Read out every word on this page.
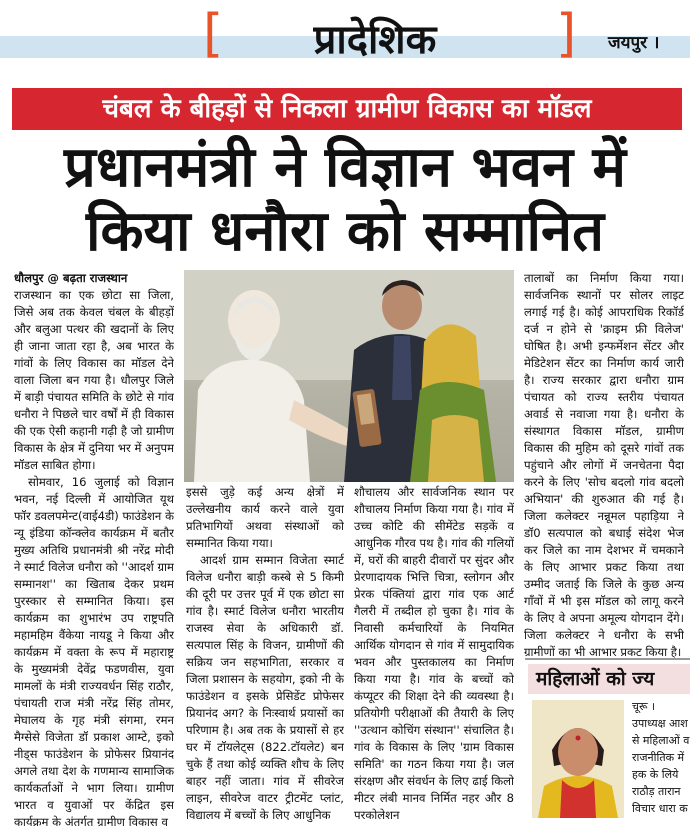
[	प्रादेशिक	] जयपुर ।
चंबल के बीहड़ों से निकला ग्रामीण विकास का मॉडल
प्रधानमंत्री ने विज्ञान भवन में
किया धनौरा को सम्मानित

धौलपुर @ बढ़ता राजस्थान

राजस्थान का एक छोटा सा जिला, जिसे अब तक केवल चंबल के बीहड़ों और बलुआ पत्थर की खदानों के लिए ही जाना जाता रहा है, अब भारत के गांवों के लिए विकास का मॉडल देने वाला जिला बन गया है। धौलपुर जिले में बाड़ी पंचायत समिति के छोटे से गांव धनौरा ने पिछले चार वर्षों में ही विकास की एक ऐसी कहानी गढ़ी है जो ग्रामीण विकास के क्षेत्र में दुनिया भर में अनुपम मॉडल साबित होगा।

सोमवार, 16 जुलाई को विज्ञान भवन, नई दिल्ली में आयोजित यूथ फॉर डवलपमेन्ट(वाई4डी) फाउंडेशन के न्यू इंडिया कॉन्क्लेव कार्यक्रम में बतौर मुख्य अतिथि प्रधानमंत्री श्री नरेंद्र मोदी ने स्मार्ट विलेज धनौरा को ''आदर्श ग्राम सम्मानश'' का खिताब देकर प्रथम पुरस्कार से सम्मानित किया। इस कार्यक्रम का शुभारंभ उप राष्ट्रपति महामहिम वैंकेया नायडू ने किया और कार्यक्रम में वक्ता के रूप में महाराष्ट्र के मुख्यमंत्री देवेंद्र फडणवीस, युवा मामलों के मंत्री राज्यवर्धन सिंह राठौर, पंचायती राज मंत्री नरेंद्र सिंह तोमर, मेघालय के गृह मंत्री संगमा, रमन मैग्सेसे विजेता डॉ प्रकाश आम्टे, इको नीड्स फाउंडेशन के प्रोफेसर प्रियानंद अगले तथा देश के गणमान्य सामाजिक कार्यकर्ताओं ने भाग लिया। ग्रामीण भारत व युवाओं पर केंद्रित इस कार्यक्रम के अंतर्गत ग्रामीण विकास व

इससे जुड़े कई अन्य क्षेत्रों में उल्लेखनीय कार्य करने वाले युवा प्रतिभागियों अथवा संस्थाओं को सम्मानित किया गया।

आदर्श ग्राम सम्मान विजेता स्मार्ट विलेज धनौरा बाड़ी कस्बे से 5 किमी की दूरी पर उत्तर पूर्व में एक छोटा सा गांव है। स्मार्ट विलेज धनौरा भारतीय राजस्व सेवा के अधिकारी डॉ. सत्यपाल सिंह के विजन, ग्रामीणों की सक्रिय जन सहभागिता, सरकार व जिला प्रशासन के सहयोग, इको नी के फाउंडेशन व इसके प्रेसिडेंट प्रोफेसर प्रियानंद अग? के निःस्वार्थ प्रयासों का परिणाम है। अब तक के प्रयासों से हर घर में टॉयलेट्स (822.टॉयलेट) बन चुके हैं तथा कोई व्यक्ति शौच के लिए बाहर नहीं जाता। गांव में सीवरेज लाइन, सीवरेज वाटर ट्रीटमेंट प्लांट, विद्यालय में बच्चों के लिए आधुनिक

शौचालय और सार्वजनिक स्थान पर शौचालय निर्माण किया गया है। गांव में उच्च कोटि की सीमेंटेड सड़कें व आधुनिक गौरव पथ है। गांव की गलियों में, घरों की बाहरी दीवारों पर सुंदर और प्रेरणादायक भित्ति चित्रा, स्लोगन और प्रेरक पंक्तियां द्वारा गांव एक आर्ट गैलरी में तब्दील हो चुका है। गांव के निवासी कर्मचारियों के नियमित आर्थिक योगदान से गांव में सामुदायिक भवन और पुस्तकालय का निर्माण किया गया है। गांव के बच्चों को कंप्यूटर की शिक्षा देने की व्यवस्था है। प्रतियोगी परीक्षाओं की तैयारी के लिए ''उत्थान कोचिंग संस्थान'' संचालित है। गांव के विकास के लिए 'ग्राम विकास समिति' का गठन किया गया है। जल संरक्षण और संवर्धन के लिए ढाई किलो मीटर लंबी मानव निर्मित नहर और 8 परकोलेशन

तालाबों का निर्माण किया गया। सार्वजनिक स्थानों पर सोलर लाइट लगाई गई है। कोई आपराधिक रिकॉर्ड दर्ज न होने से 'क्राइम फ्री विलेज' घोषित है। अभी इन्फर्मेशन सेंटर और मेडिटेशन सेंटर का निर्माण कार्य जारी है। राज्य सरकार द्वारा धनौरा ग्राम पंचायत को राज्य स्तरीय पंचायत अवार्ड से नवाजा गया है। धनौरा के संस्थागत विकास मॉडल, ग्रामीण विकास की मुहिम को दूसरे गांवों तक पहुंचाने और लोगों में जनचेतना पैदा करने के लिए 'सोच बदलो गांव बदलो अभियान' की शुरुआत की गई है। जिला कलेक्टर नन्नूमल पहाड़िया ने डॉ0 सत्यपाल को बधाई संदेश भेज कर जिले का नाम देशभर में चमकाने के लिए आभार प्रकट किया तथा उम्मीद जताई कि जिले के कुछ अन्य गाँवों में भी इस मॉडल को लागू करने के लिए वे अपना अमूल्य योगदान देंगे। जिला कलेक्टर ने धनौरा के सभी ग्रामीणों का भी आभार प्रकट किया है।

महिलाओं को ज्य
चूरू ।
उपाध्यक्ष आश
से महिलाओं व
राजनीतिक में
हक के लिये
राठौड़ तारान
विचार धारा क
